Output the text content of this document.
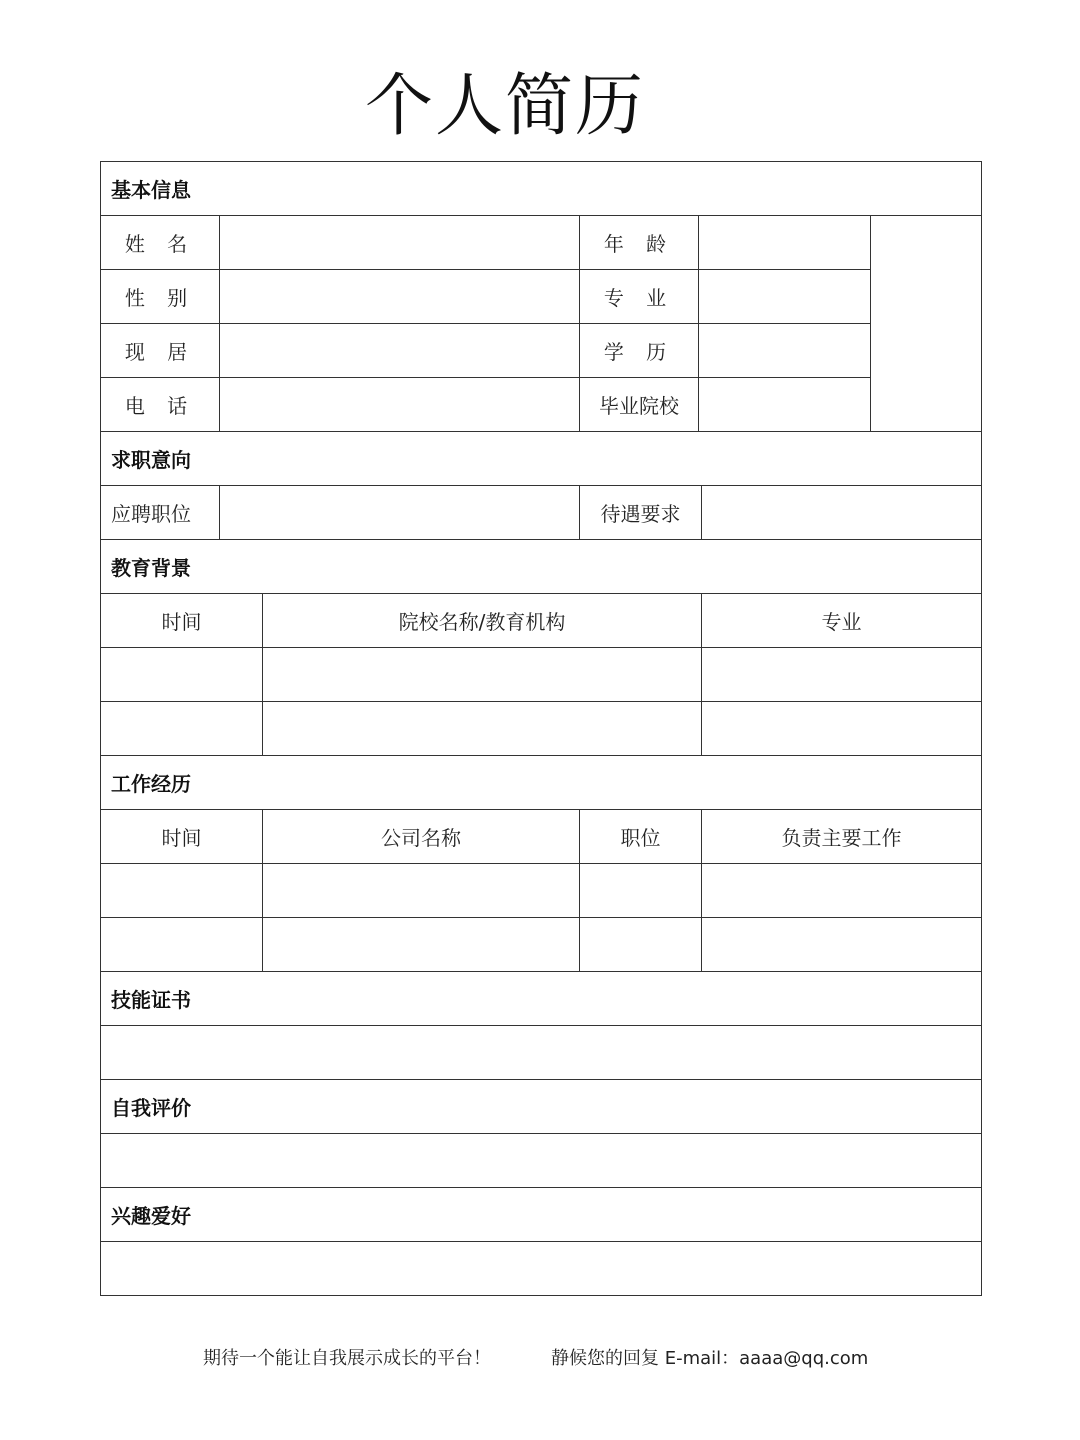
个人简历
基本信息						
姓 名			年 龄			
性 别			专 业			
现 居			学 历			
电 话			毕业院校			
求职意向						
应聘职位			待遇要求			
教育背景						
时间		院校名称/教育机构			专业	

工作经历						
时间		公司名称	职位		负责主要工作	

技能证书						

自我评价						

兴趣爱好						

期待一个能让自我展示成长的平台！	静候您的回复 E-mail：aaaa@qq.com
